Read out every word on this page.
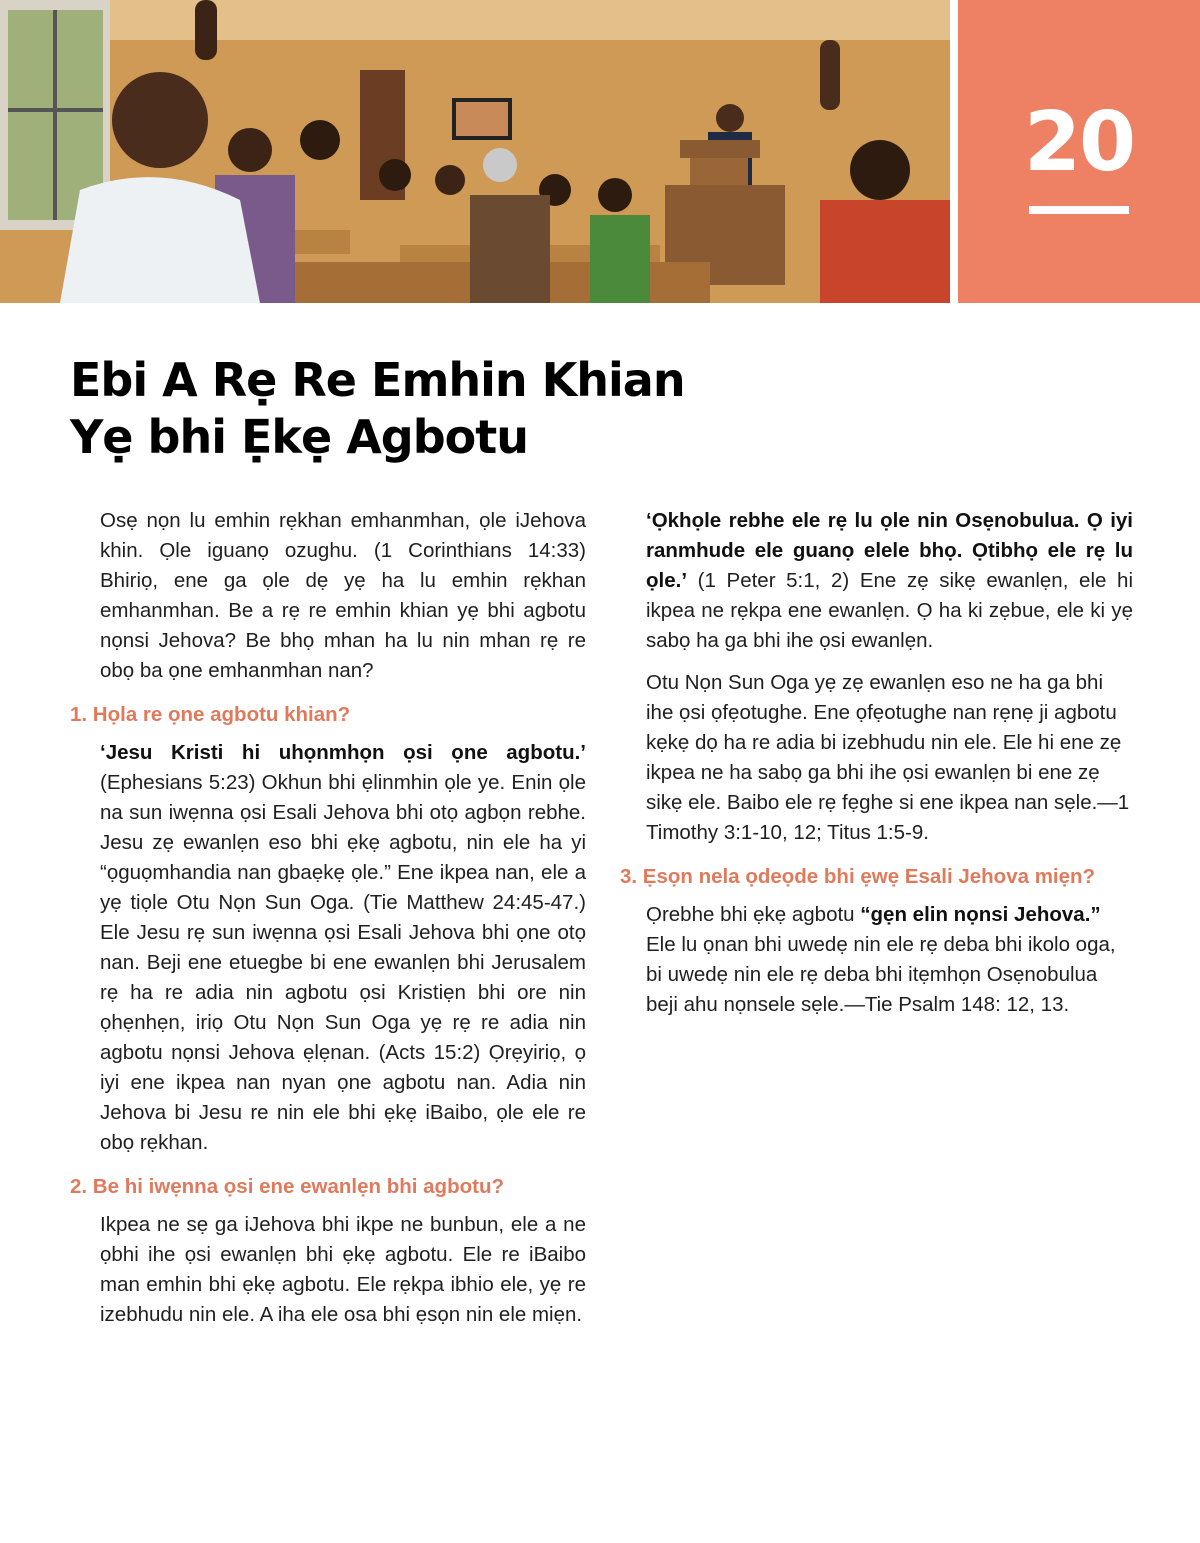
20
Ebi A Rẹ Re Emhin Khian
Yẹ bhi Ẹkẹ Agbotu

Osẹ nọn lu emhin rẹkhan emhanmhan, ọle iJehova khin. Ọle iguanọ ozughu. (1 Corinthians 14:33) Bhiriọ, ene ga ọle dẹ yẹ ha lu emhin rẹkhan emhanmhan. Be a rẹ re emhin khian yẹ bhi agbotu nọnsi Jehova? Be bhọ mhan ha lu nin mhan rẹ re obọ ba ọne emhanmhan nan?

1. Họla re ọne agbotu khian?

‘Jesu Kristi hi uhọnmhọn ọsi ọne agbotu.’ (Ephesians 5:23) Okhun bhi ẹlinmhin ọle ye. Enin ọle na sun iwẹnna ọsi Esali Jehova bhi otọ agbọn rebhe. Jesu zẹ ewanlẹn eso bhi ẹkẹ agbotu, nin ele ha yi “ọguọmhandia nan gbaẹkẹ ọle.” Ene ikpea nan, ele a yẹ tiọle Otu Nọn Sun Oga. (Tie Matthew 24:45-47.) Ele Jesu rẹ sun iwẹnna ọsi Esali Jehova bhi ọne otọ nan. Beji ene etuegbe bi ene ewanlẹn bhi Jerusalem rẹ ha re adia nin agbotu ọsi Kristiẹn bhi ore nin ọhẹnhẹn, iriọ Otu Nọn Sun Oga yẹ rẹ re adia nin agbotu nọnsi Jehova ẹlẹnan. (Acts 15:2) Ọrẹyiriọ, ọ iyi ene ikpea nan nyan ọne agbotu nan. Adia nin Jehova bi Jesu re nin ele bhi ẹkẹ iBaibo, ọle ele re obọ rẹkhan.

2. Be hi iwẹnna ọsi ene ewanlẹn bhi agbotu?

Ikpea ne sẹ ga iJehova bhi ikpe ne bunbun, ele a ne ọbhi ihe ọsi ewanlẹn bhi ẹkẹ agbotu. Ele re iBaibo man emhin bhi ẹkẹ agbotu. Ele rẹkpa ibhio ele, yẹ re izebhudu nin ele. A iha ele osa bhi ẹsọn nin ele miẹn.

‘Ọkhọle rebhe ele rẹ lu ọle nin Osẹnobulua. Ọ iyi ranmhude ele guanọ elele bhọ. Ọtibhọ ele rẹ lu ọle.’ (1 Peter 5:1, 2) Ene zẹ sikẹ ewanlẹn, ele hi ikpea ne rẹkpa ene ewanlẹn. Ọ ha ki zẹbue, ele ki yẹ sabọ ha ga bhi ihe ọsi ewanlẹn.

Otu Nọn Sun Oga yẹ zẹ ewanlẹn eso ne ha ga bhi ihe ọsi ọfẹotughe. Ene ọfẹotughe nan rẹnẹ ji agbotu kẹkẹ dọ ha re adia bi izebhudu nin ele. Ele hi ene zẹ ikpea ne ha sabọ ga bhi ihe ọsi ewanlẹn bi ene zẹ sikẹ ele. Baibo ele rẹ fẹghe si ene ikpea nan sẹle.—1 Timothy 3:1-10, 12; Titus 1:5-9.

3. Ẹsọn nela ọdeọde bhi ẹwẹ Esali Jehova miẹn?

Ọrebhe bhi ẹkẹ agbotu “gẹn elin nọnsi Jehova.” Ele lu ọnan bhi uwedẹ nin ele rẹ deba bhi ikolo oga, bi uwedẹ nin ele rẹ deba bhi itẹmhọn Osẹnobulua beji ahu nọnsele sẹle.—Tie Psalm 148: 12, 13.
